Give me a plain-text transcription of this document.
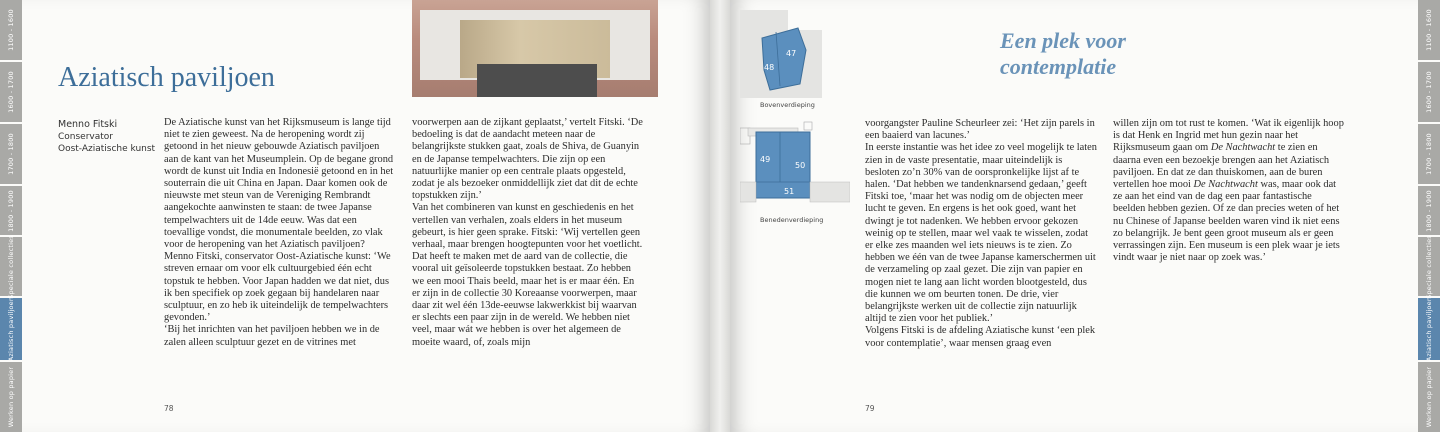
1100 - 1600
1600 - 1700
1700 - 1800
1800 - 1900
Speciale collecties
Aziatisch paviljoen
Werken op papier
Aziatisch paviljoen
Menno Fitski
Conservator
Oost-Aziatische kunst
De Aziatische kunst van het Rijksmuseum is lange tijd niet te zien geweest. Na de heropening wordt zij getoond in het nieuw gebouwde Aziatisch paviljoen aan de kant van het Museumplein. Op de begane grond wordt de kunst uit India en Indonesië getoond en in het souterrain die uit China en Japan. Daar komen ook de nieuwste met steun van de Vereniging Rembrandt aangekochte aanwinsten te staan: de twee Japanse tempelwachters uit de 14de eeuw. Was dat een toevallige vondst, die monumentale beelden, zo vlak voor de heropening van het Aziatisch paviljoen?
Menno Fitski, conservator Oost-Aziatische kunst: ‘We streven ernaar om voor elk cultuurgebied één echt topstuk te hebben. Voor Japan hadden we dat niet, dus ik ben specifiek op zoek gegaan bij handelaren naar sculptuur, en zo heb ik uiteindelijk de tempelwachters gevonden.’
‘Bij het inrichten van het paviljoen hebben we in de zalen alleen sculptuur gezet en de vitrines met
voorwerpen aan de zijkant geplaatst,’ vertelt Fitski. ‘De bedoeling is dat de aandacht meteen naar de belangrijkste stukken gaat, zoals de Shiva, de Guanyin en de Japanse tempelwachters. Die zijn op een natuurlijke manier op een centrale plaats opgesteld, zodat je als bezoeker onmiddellijk ziet dat dit de echte topstukken zijn.’
Van het combineren van kunst en geschiedenis en het vertellen van verhalen, zoals elders in het museum gebeurt, is hier geen sprake. Fitski: ‘Wij vertellen geen verhaal, maar brengen hoogtepunten voor het voetlicht. Dat heeft te maken met de aard van de collectie, die vooral uit geïsoleerde topstukken bestaat. Zo hebben we een mooi Thais beeld, maar het is er maar één. En er zijn in de collectie 30 Koreaanse voorwerpen, maar daar zit wel één 13de-eeuwse lakwerkkist bij waarvan er slechts een paar zijn in de wereld. We hebben niet veel, maar wát we hebben is over het algemeen de moeite waard, of, zoals mijn
78
1100 - 1600
1600 - 1700
1700 - 1800
1800 - 1900
Speciale collecties
Aziatisch paviljoen
Werken op papier
47
48
Bovenverdieping
49
50
51
Benedenverdieping
79
Een plek voor contemplatie
voorgangster Pauline Scheurleer zei: ‘Het zijn parels in een baaierd van lacunes.’
In eerste instantie was het idee zo veel mogelijk te laten zien in de vaste presentatie, maar uiteindelijk is besloten zo’n 30% van de oorspronkelijke lijst af te halen. ‘Dat hebben we tandenknarsend gedaan,’ geeft Fitski toe, ‘maar het was nodig om de objecten meer lucht te geven. En ergens is het ook goed, want het dwingt je tot nadenken. We hebben ervoor gekozen weinig op te stellen, maar wel vaak te wisselen, zodat er elke zes maanden wel iets nieuws is te zien. Zo hebben we één van de twee Japanse kamerschermen uit de verzameling op zaal gezet. Die zijn van papier en mogen niet te lang aan licht worden blootgesteld, dus die kunnen we om beurten tonen. De drie, vier belangrijkste werken uit de collectie zijn natuurlijk altijd te zien voor het publiek.’
Volgens Fitski is de afdeling Aziatische kunst ‘een plek voor contemplatie’, waar mensen graag even
willen zijn om tot rust te komen. ‘Wat ik eigenlijk hoop is dat Henk en Ingrid met hun gezin naar het Rijksmuseum gaan om De Nachtwacht te zien en daarna even een bezoekje brengen aan het Aziatisch paviljoen. En dat ze dan thuiskomen, aan de buren vertellen hoe mooi De Nachtwacht was, maar ook dat ze aan het eind van de dag een paar fantastische beelden hebben gezien. Of ze dan precies weten of het nu Chinese of Japanse beelden waren vind ik niet eens zo belangrijk. Je bent geen groot museum als er geen verrassingen zijn. Een museum is een plek waar je iets vindt waar je niet naar op zoek was.’
